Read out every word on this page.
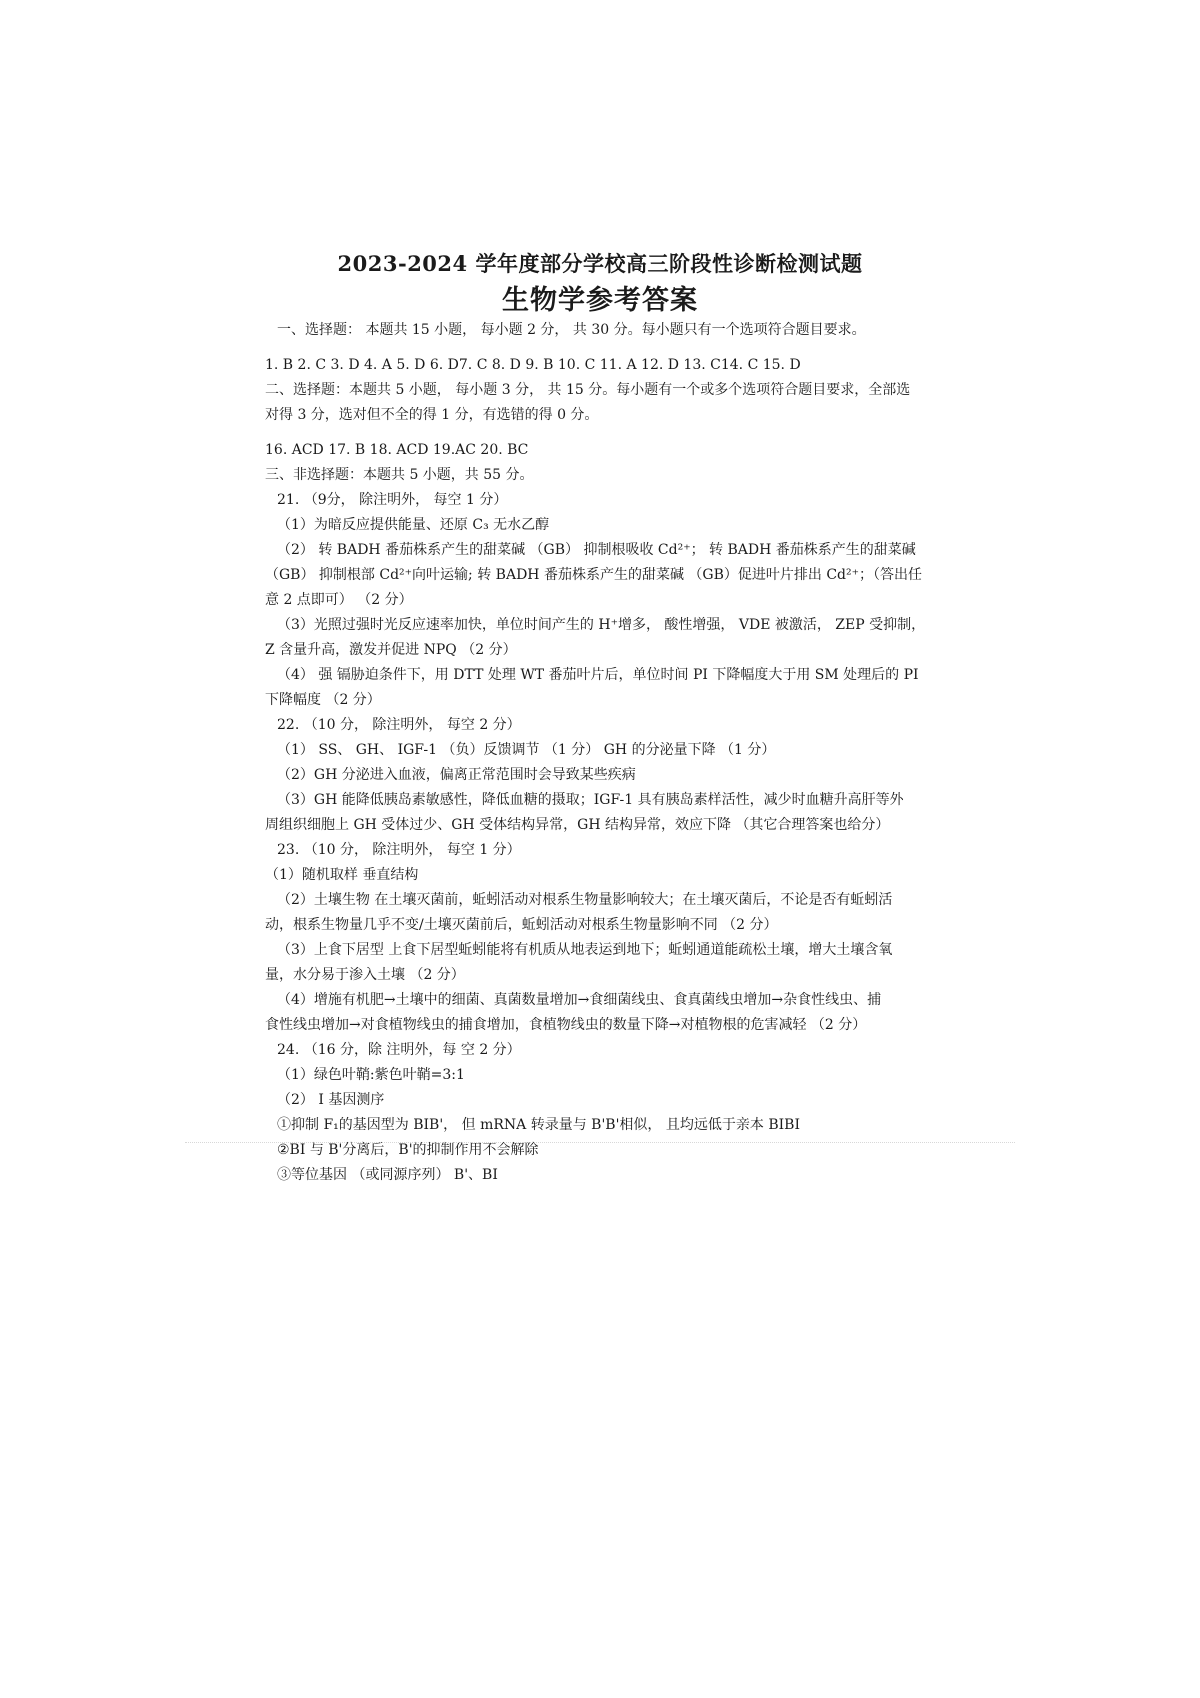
2023-2024 学年度部分学校高三阶段性诊断检测试题
生物学参考答案
一、选择题： 本题共 15 小题， 每小题 2 分， 共 30 分。每小题只有一个选项符合题目要求。
1. B 2. C 3. D 4. A 5. D 6. D7. C 8. D 9. B 10. C 11. A 12. D 13. C14. C 15. D
二、选择题：本题共 5 小题， 每小题 3 分， 共 15 分。每小题有一个或多个选项符合题目要求，全部选
对得 3 分，选对但不全的得 1 分，有选错的得 0 分。
16. ACD 17. B 18. ACD 19.AC 20. BC
三、非选择题：本题共 5 小题，共 55 分。
21. （9分， 除注明外， 每空 1 分）
（1）为暗反应提供能量、还原 C₃ 无水乙醇
（2） 转 BADH 番茄株系产生的甜菜碱 （GB） 抑制根吸收 Cd²⁺； 转 BADH 番茄株系产生的甜菜碱
（GB） 抑制根部 Cd²⁺向叶运输; 转 BADH 番茄株系产生的甜菜碱 （GB）促进叶片排出 Cd²⁺；（答出任
意 2 点即可） （2 分）
（3）光照过强时光反应速率加快，单位时间产生的 H⁺增多， 酸性增强， VDE 被激活， ZEP 受抑制，
Z 含量升高，激发并促进 NPQ （2 分）
（4） 强 镉胁迫条件下，用 DTT 处理 WT 番茄叶片后，单位时间 PI 下降幅度大于用 SM 处理后的 PI
下降幅度 （2 分）
22. （10 分， 除注明外， 每空 2 分）
（1） SS、 GH、 IGF-1 （负）反馈调节 （1 分） GH 的分泌量下降 （1 分）
（2）GH 分泌进入血液，偏离正常范围时会导致某些疾病
（3）GH 能降低胰岛素敏感性，降低血糖的摄取；IGF-1 具有胰岛素样活性，减少时血糖升高肝等外
周组织细胞上 GH 受体过少、GH 受体结构异常，GH 结构异常，效应下降 （其它合理答案也给分）
23. （10 分， 除注明外， 每空 1 分）
（1）随机取样 垂直结构
（2）土壤生物 在土壤灭菌前，蚯蚓活动对根系生物量影响较大；在土壤灭菌后，不论是否有蚯蚓活
动，根系生物量几乎不变/土壤灭菌前后，蚯蚓活动对根系生物量影响不同 （2 分）
（3）上食下居型 上食下居型蚯蚓能将有机质从地表运到地下；蚯蚓通道能疏松土壤，增大土壤含氧
量，水分易于渗入土壤 （2 分）
（4）增施有机肥→土壤中的细菌、真菌数量增加→食细菌线虫、食真菌线虫增加→杂食性线虫、捕
食性线虫增加→对食植物线虫的捕食增加，食植物线虫的数量下降→对植物根的危害减轻 （2 分）
24. （16 分，除 注明外，每 空 2 分）
（1）绿色叶鞘:紫色叶鞘=3:1
（2） I 基因测序
①抑制 F₁的基因型为 BIB'， 但 mRNA 转录量与 B'B'相似， 且均远低于亲本 BIBI
②BI 与 B'分离后，B'的抑制作用不会解除
③等位基因 （或同源序列） B'、BI
